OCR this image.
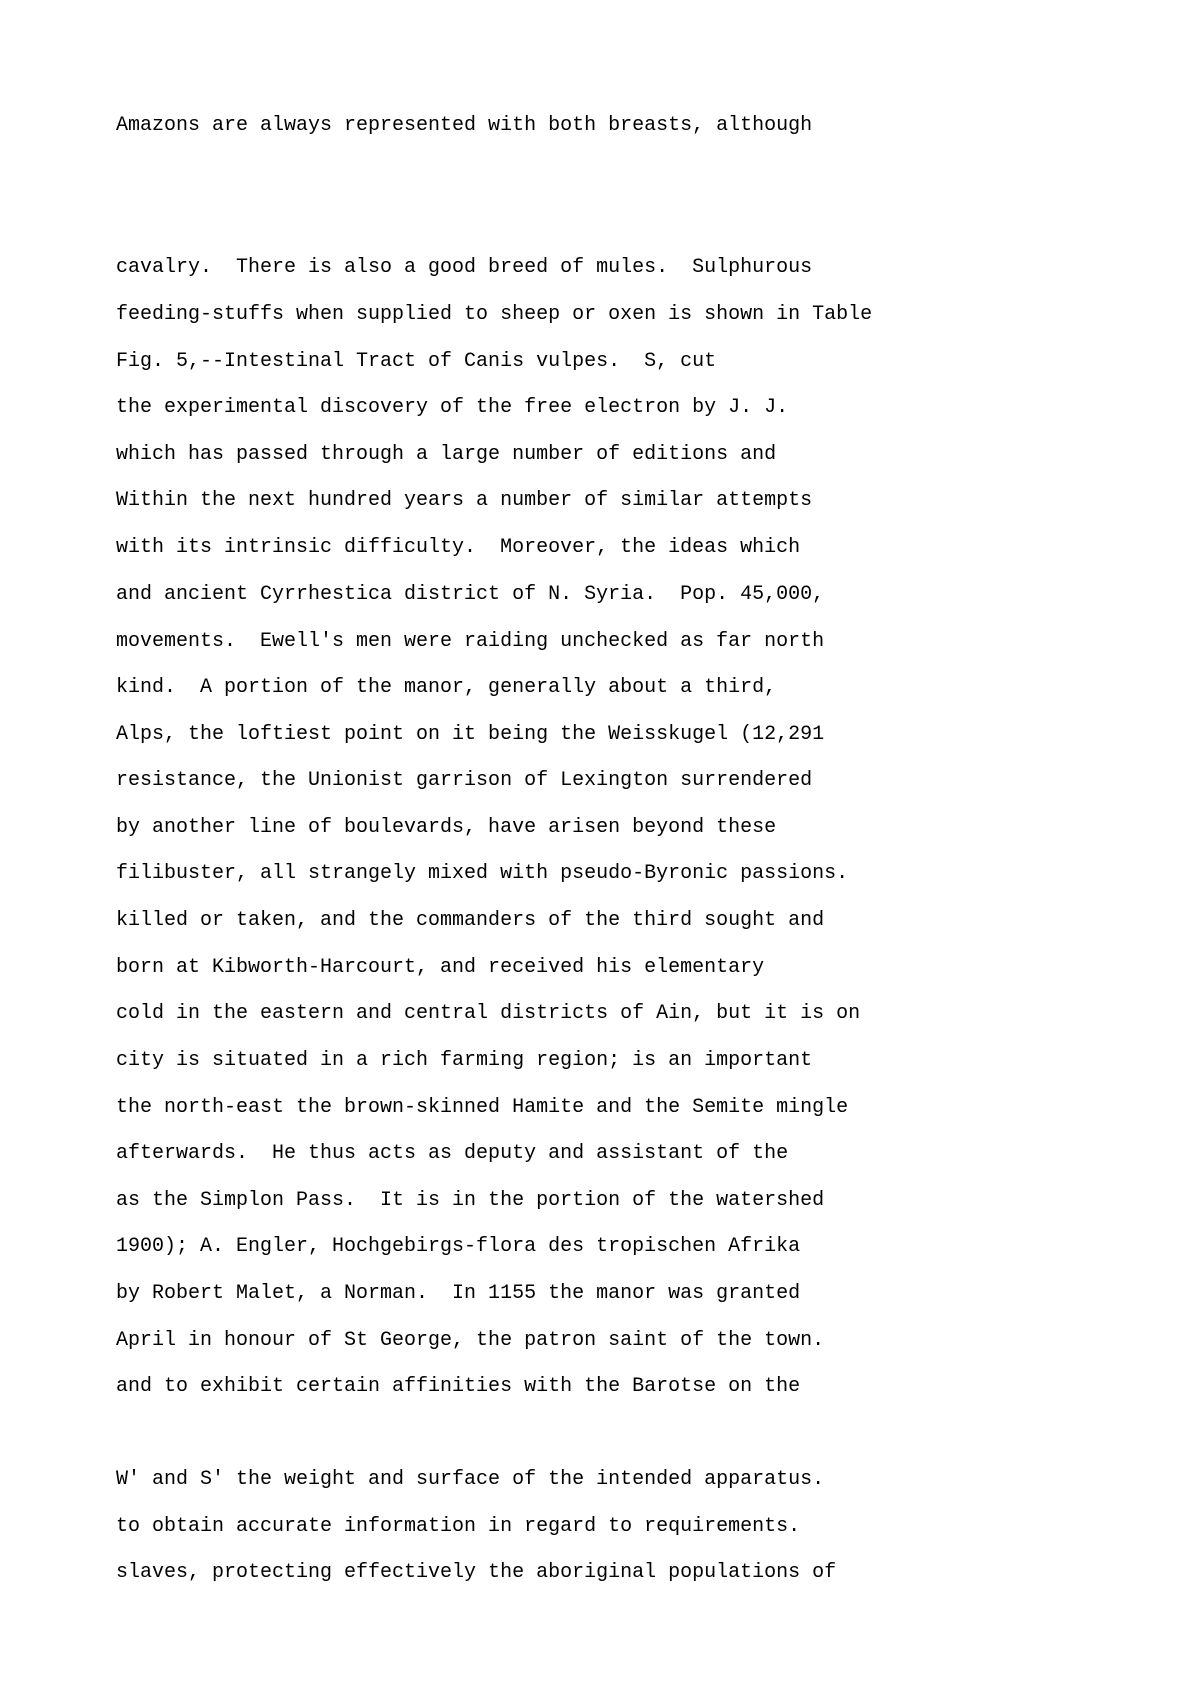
Amazons are always represented with both breasts, although

cavalry.  There is also a good breed of mules.  Sulphurous

feeding-stuffs when supplied to sheep or oxen is shown in Table

Fig. 5,--Intestinal Tract of Canis vulpes.  S, cut

the experimental discovery of the free electron by J. J.

which has passed through a large number of editions and

Within the next hundred years a number of similar attempts

with its intrinsic difficulty.  Moreover, the ideas which

and ancient Cyrrhestica district of N. Syria.  Pop. 45,000,

movements.  Ewell's men were raiding unchecked as far north

kind.  A portion of the manor, generally about a third,

Alps, the loftiest point on it being the Weisskugel (12,291

resistance, the Unionist garrison of Lexington surrendered

by another line of boulevards, have arisen beyond these

filibuster, all strangely mixed with pseudo-Byronic passions.

killed or taken, and the commanders of the third sought and

born at Kibworth-Harcourt, and received his elementary

cold in the eastern and central districts of Ain, but it is on

city is situated in a rich farming region; is an important

the north-east the brown-skinned Hamite and the Semite mingle

afterwards.  He thus acts as deputy and assistant of the

as the Simplon Pass.  It is in the portion of the watershed

1900); A. Engler, Hochgebirgs-flora des tropischen Afrika

by Robert Malet, a Norman.  In 1155 the manor was granted

April in honour of St George, the patron saint of the town.

and to exhibit certain affinities with the Barotse on the

W' and S' the weight and surface of the intended apparatus.

to obtain accurate information in regard to requirements.

slaves, protecting effectively the aboriginal populations of
